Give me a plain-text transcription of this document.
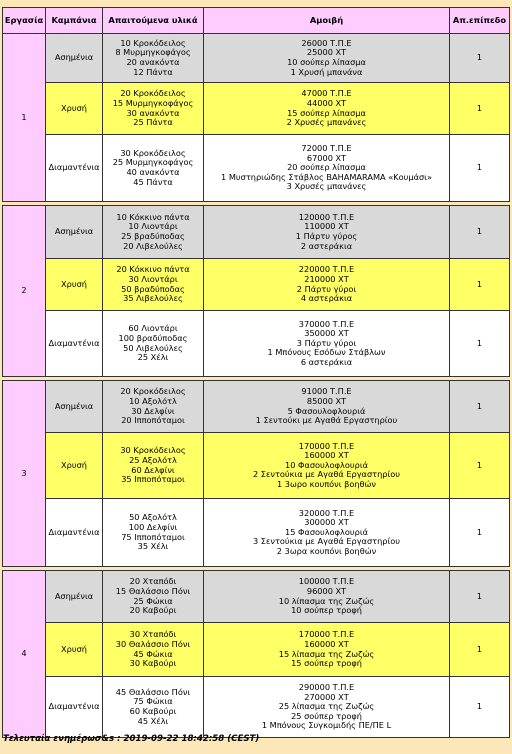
Εργασία	Καμπάνια	Απαιτούμενα υλικά	Αμοιβή	Απ.επίπεδο
1	Ασημένια	10 Κροκόδειλος
8 Μυρμηγκοφάγος
20 ανακόντα
12 Πάντα	26000 Τ.Π.Ε
25000 ΧΤ
10 σούπερ λίπασμα
1 Χρυσή μπανάνα	1
	Χρυσή	20 Κροκόδειλος
15 Μυρμηγκοφάγος
30 ανακόντα
25 Πάντα	47000 Τ.Π.Ε
44000 ΧΤ
15 σούπερ λίπασμα
2 Χρυσές μπανάνες	1
	Διαμαντένια	30 Κροκόδειλος
25 Μυρμηγκοφάγος
40 ανακόντα
45 Πάντα	72000 Τ.Π.Ε
67000 ΧΤ
20 σούπερ λίπασμα
1 Μυστηριώδης Στάβλος BAHAMARAMA «Κουμάσι»
3 Χρυσές μπανάνες	1

2	Ασημένια	10 Κόκκινο πάντα
10 Λιοντάρι
25 βραδύποδας
20 Λιβελούλες	120000 Τ.Π.Ε
110000 ΧΤ
1 Πάρτυ γύρος
2 αστεράκια	1
	Χρυσή	20 Κόκκινο πάντα
30 Λιοντάρι
50 βραδύποδας
35 Λιβελούλες	220000 Τ.Π.Ε
210000 ΧΤ
2 Πάρτυ γύροι
4 αστεράκια	1
	Διαμαντένια	60 Λιοντάρι
100 βραδύποδας
50 Λιβελούλες
25 Χέλι	370000 Τ.Π.Ε
350000 ΧΤ
3 Πάρτυ γύροι
1 Μπόνους Εσόδων Στάβλων
6 αστεράκια	1

3	Ασημένια	20 Κροκόδειλος
10 Αξολότλ
30 Δελφίνι
20 Ιπποπόταμοι	91000 Τ.Π.Ε
85000 ΧΤ
5 Φασουλοφλουριά
1 Σεντούκι με Αγαθά Εργαστηρίου	1
	Χρυσή	30 Κροκόδειλος
25 Αξολότλ
60 Δελφίνι
35 Ιπποπόταμοι	170000 Τ.Π.Ε
160000 ΧΤ
10 Φασουλοφλουριά
2 Σεντούκια με Αγαθά Εργαστηρίου
1 3ωρο κουπόνι βοηθών	1
	Διαμαντένια	50 Αξολότλ
100 Δελφίνι
75 Ιπποπόταμοι
35 Χέλι	320000 Τ.Π.Ε
300000 ΧΤ
15 Φασουλοφλουριά
3 Σεντούκια με Αγαθά Εργαστηρίου
2 3ωρα κουπόνι βοηθών	1

4	Ασημένια	20 Χταπόδι
15 Θαλάσσιο Πόνι
25 Φώκια
20 Καβούρι	100000 Τ.Π.Ε
96000 ΧΤ
10 λίπασμα της Ζωζώς
10 σούπερ τροφή	1
	Χρυσή	30 Χταπόδι
30 Θαλάσσιο Πόνι
45 Φώκια
30 Καβούρι	170000 Τ.Π.Ε
160000 ΧΤ
15 λίπασμα της Ζωζώς
15 σούπερ τροφή	1
	Διαμαντένια	45 Θαλάσσιο Πόνι
75 Φώκια
60 Καβούρι
45 Χέλι	290000 Τ.Π.Ε
270000 ΧΤ
25 λίπασμα της Ζωζώς
25 σούπερ τροφή
1 Μπόνους Συγκομιδής ΠΕ/ΠΕ L	1
Τελευταία ενημέρωσ&s : 2019-09-22 18:42:58 (CEST)
